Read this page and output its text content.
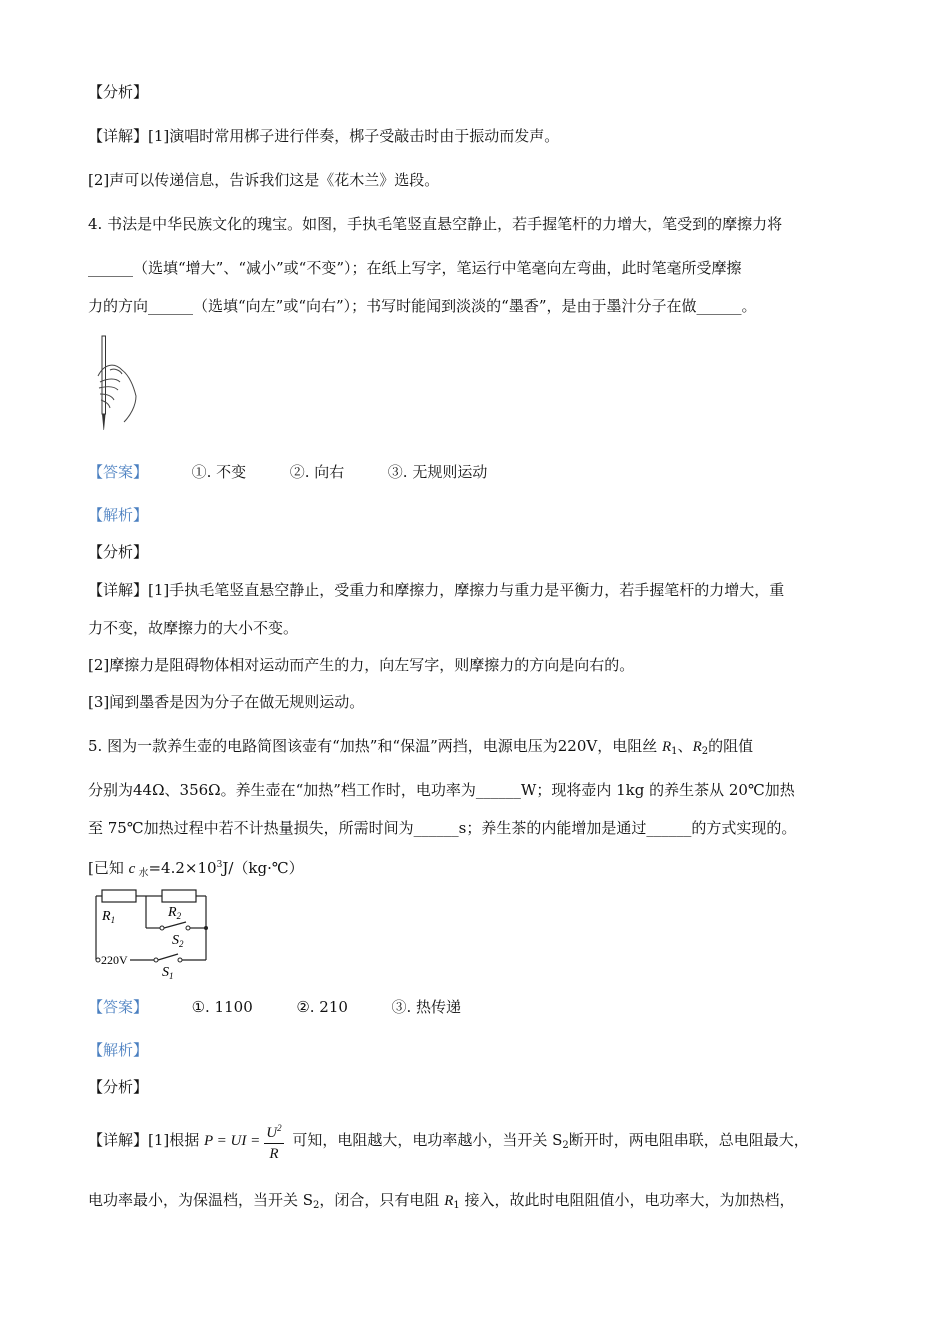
【分析】
【详解】[1]演唱时常用梆子进行伴奏，梆子受敲击时由于振动而发声。
[2]声可以传递信息，告诉我们这是《花木兰》选段。
4. 书法是中华民族文化的瑰宝。如图，手执毛笔竖直悬空静止，若手握笔杆的力增大，笔受到的摩擦力将
______（选填“增大”、“减小”或“不变”）；在纸上写字，笔运行中笔毫向左弯曲，此时笔毫所受摩擦
力的方向______（选填“向左”或“向右”）；书写时能闻到淡淡的“墨香”，是由于墨汁分子在做______。
【答案】	①. 不变	②. 向右	③. 无规则运动
【解析】
【分析】
【详解】[1]手执毛笔竖直悬空静止，受重力和摩擦力，摩擦力与重力是平衡力，若手握笔杆的力增大，重
力不变，故摩擦力的大小不变。
[2]摩擦力是阻碍物体相对运动而产生的力，向左写字，则摩擦力的方向是向右的。
[3]闻到墨香是因为分子在做无规则运动。
5. 图为一款养生壶的电路简图该壶有“加热”和“保温”两挡，电源电压为220V，电阻丝 $R_1$、$R_2$的阻值
分别为44Ω、356Ω。养生壶在“加热”档工作时，电功率为______W；现将壶内 1kg 的养生茶从 20℃加热
至 75℃加热过程中若不计热量损失，所需时间为______s；养生茶的内能增加是通过______的方式实现的。
[已知 c $_水=4.2\times 10^3J/(kg\cdot℃)$
$R_1$	$R_2$
$S_2$
$S_1$
220V
【答案】	①. 1100	②. 210	③. 热传递
【解析】
【分析】
【详解】[1]根据 P = UI = $\frac{U^2}{R}$ 可知，电阻越大，电功率越小，当开关 $S_2$断开时，两电阻串联，总电阻最大，
电功率最小，为保温档，当开关 $S_2$，闭合，只有电阻 $R_1$ 接入，故此时电阻阻值小，电功率大，为加热档，
